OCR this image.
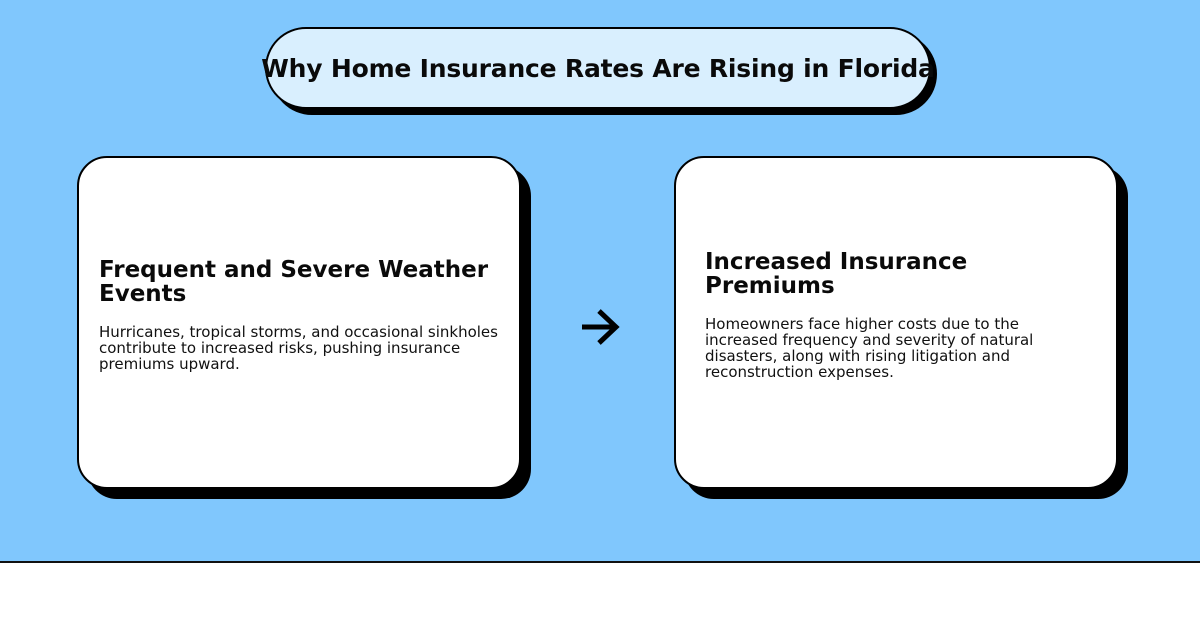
Why Home Insurance Rates Are Rising in Florida
Frequent and Severe Weather Events

Hurricanes, tropical storms, and occasional sinkholes contribute to increased risks, pushing insurance premiums upward.

Increased Insurance Premiums

Homeowners face higher costs due to the increased frequency and severity of natural disasters, along with rising litigation and reconstruction expenses.
